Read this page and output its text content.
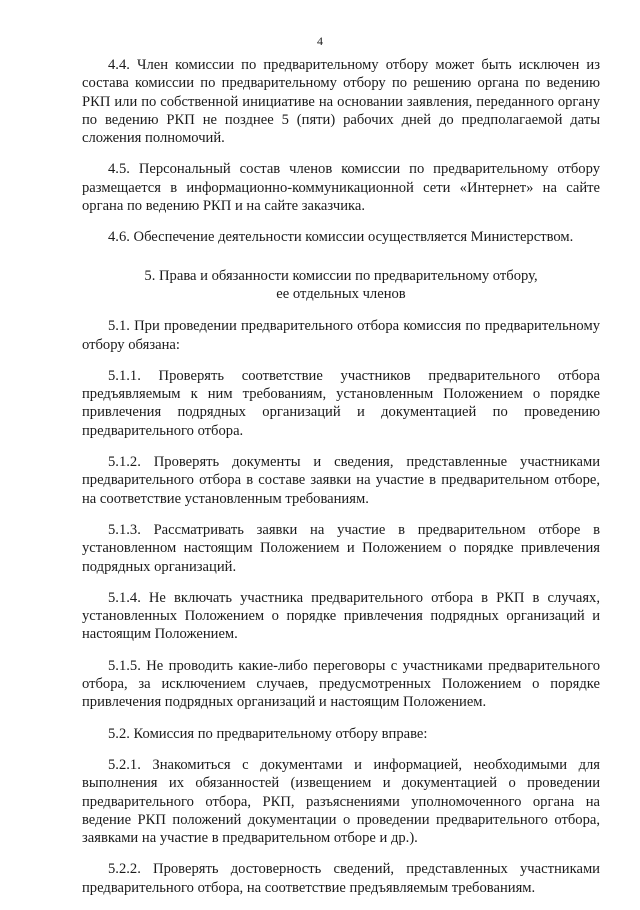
4

4.4. Член комиссии по предварительному отбору может быть исключен из состава комиссии по предварительному отбору по решению органа по ведению РКП или по собственной инициативе на основании заявления, переданного органу по ведению РКП не позднее 5 (пяти) рабочих дней до предполагаемой даты сложения полномочий.

4.5. Персональный состав членов комиссии по предварительному отбору размещается в информационно-коммуникационной сети «Интернет» на сайте органа по ведению РКП и на сайте заказчика.

4.6. Обеспечение деятельности комиссии осуществляется Министерством.

5. Права и обязанности комиссии по предварительному отбору,
ее отдельных членов

5.1. При проведении предварительного отбора комиссия по предварительному отбору обязана:

5.1.1. Проверять соответствие участников предварительного отбора предъявляемым к ним требованиям, установленным Положением о порядке привлечения подрядных организаций и документацией по проведению предварительного отбора.

5.1.2. Проверять документы и сведения, представленные участниками предварительного отбора в составе заявки на участие в предварительном отборе, на соответствие установленным требованиям.

5.1.3. Рассматривать заявки на участие в предварительном отборе в установленном настоящим Положением и Положением о порядке привлечения подрядных организаций.

5.1.4. Не включать участника предварительного отбора в РКП в случаях, установленных Положением о порядке привлечения подрядных организаций и настоящим Положением.

5.1.5. Не проводить какие-либо переговоры с участниками предварительного отбора, за исключением случаев, предусмотренных Положением о порядке привлечения подрядных организаций и настоящим Положением.

5.2. Комиссия по предварительному отбору вправе:

5.2.1. Знакомиться с документами и информацией, необходимыми для выполнения их обязанностей (извещением и документацией о проведении предварительного отбора, РКП, разъяснениями уполномоченного органа на ведение РКП положений документации о проведении предварительного отбора, заявками на участие в предварительном отборе и др.).

5.2.2. Проверять достоверность сведений, представленных участниками предварительного отбора, на соответствие предъявляемым требованиям.
